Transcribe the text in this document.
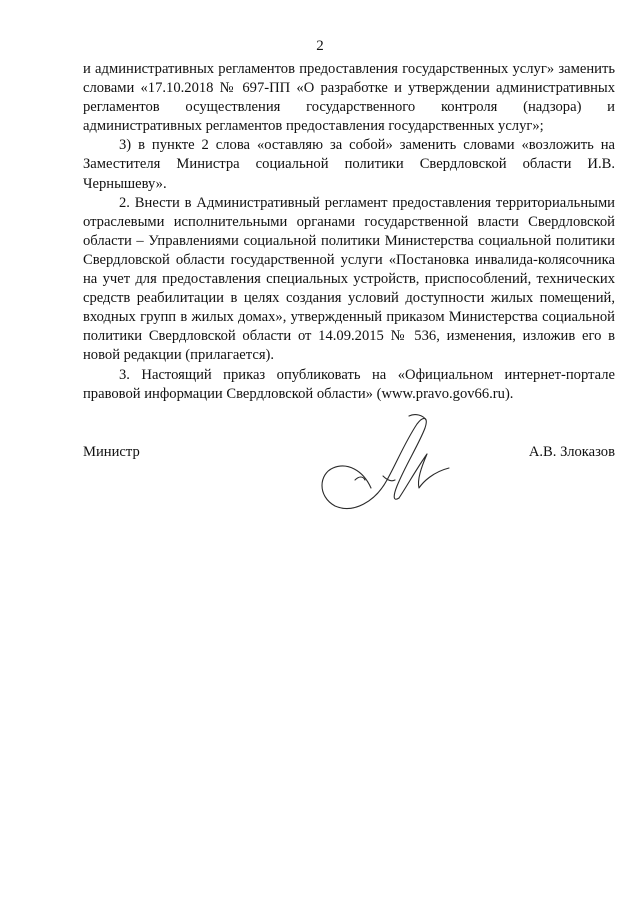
2

и административных регламентов предоставления государственных услуг» заменить словами «17.10.2018 № 697-ПП «О разработке и утверждении административных регламентов осуществления государственного контроля (надзора) и административных регламентов предоставления государственных услуг»;

3) в пункте 2 слова «оставляю за собой» заменить словами «возложить на Заместителя Министра социальной политики Свердловской области И.В. Чернышеву».

2. Внести в Административный регламент предоставления территориальными отраслевыми исполнительными органами государственной власти Свердловской области – Управлениями социальной политики Министерства социальной политики Свердловской области государственной услуги «Постановка инвалида-колясочника на учет для предоставления специальных устройств, приспособлений, технических средств реабилитации в целях создания условий доступности жилых помещений, входных групп в жилых домах», утвержденный приказом Министерства социальной политики Свердловской области от 14.09.2015 № 536, изменения, изложив его в новой редакции (прилагается).

3. Настоящий приказ опубликовать на «Официальном интернет-портале правовой информации Свердловской области» (www.pravo.gov66.ru).

Министр	А.В. Злоказов
